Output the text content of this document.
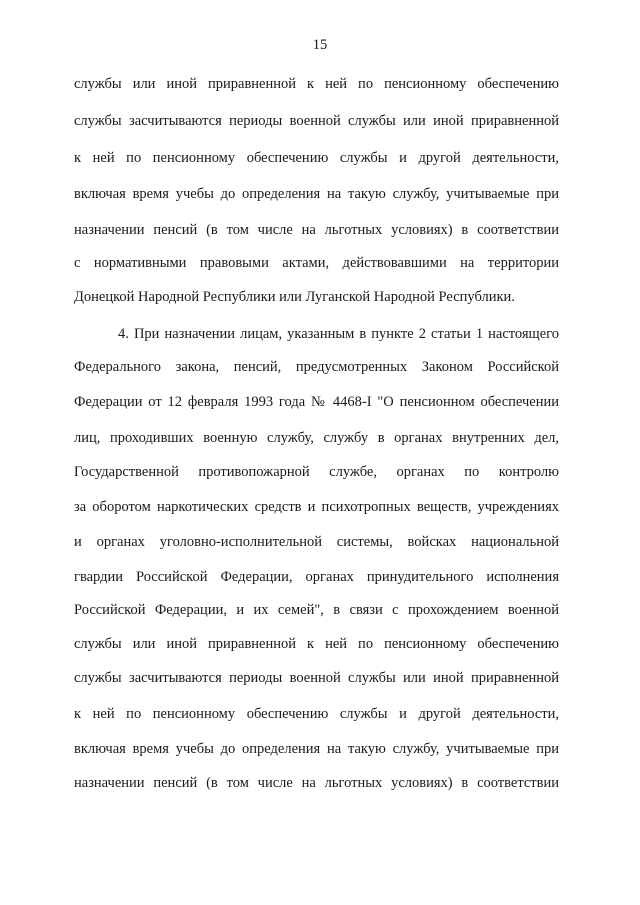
15
службы или иной приравненной к ней по пенсионному обеспечению
службы засчитываются периоды военной службы или иной приравненной
к ней по пенсионному обеспечению службы и другой деятельности,
включая время учебы до определения на такую службу, учитываемые при
назначении пенсий (в том числе на льготных условиях) в соответствии
с нормативными правовыми актами, действовавшими на территории
Донецкой Народной Республики или Луганской Народной Республики.
4. При назначении лицам, указанным в пункте 2 статьи 1 настоящего
Федерального закона, пенсий, предусмотренных Законом Российской
Федерации от 12 февраля 1993 года № 4468-I "О пенсионном обеспечении
лиц, проходивших военную службу, службу в органах внутренних дел,
Государственной противопожарной службе, органах по контролю
за оборотом наркотических средств и психотропных веществ, учреждениях
и органах уголовно-исполнительной системы, войсках национальной
гвардии Российской Федерации, органах принудительного исполнения
Российской Федерации, и их семей", в связи с прохождением военной
службы или иной приравненной к ней по пенсионному обеспечению
службы засчитываются периоды военной службы или иной приравненной
к ней по пенсионному обеспечению службы и другой деятельности,
включая время учебы до определения на такую службу, учитываемые при
назначении пенсий (в том числе на льготных условиях) в соответствии
